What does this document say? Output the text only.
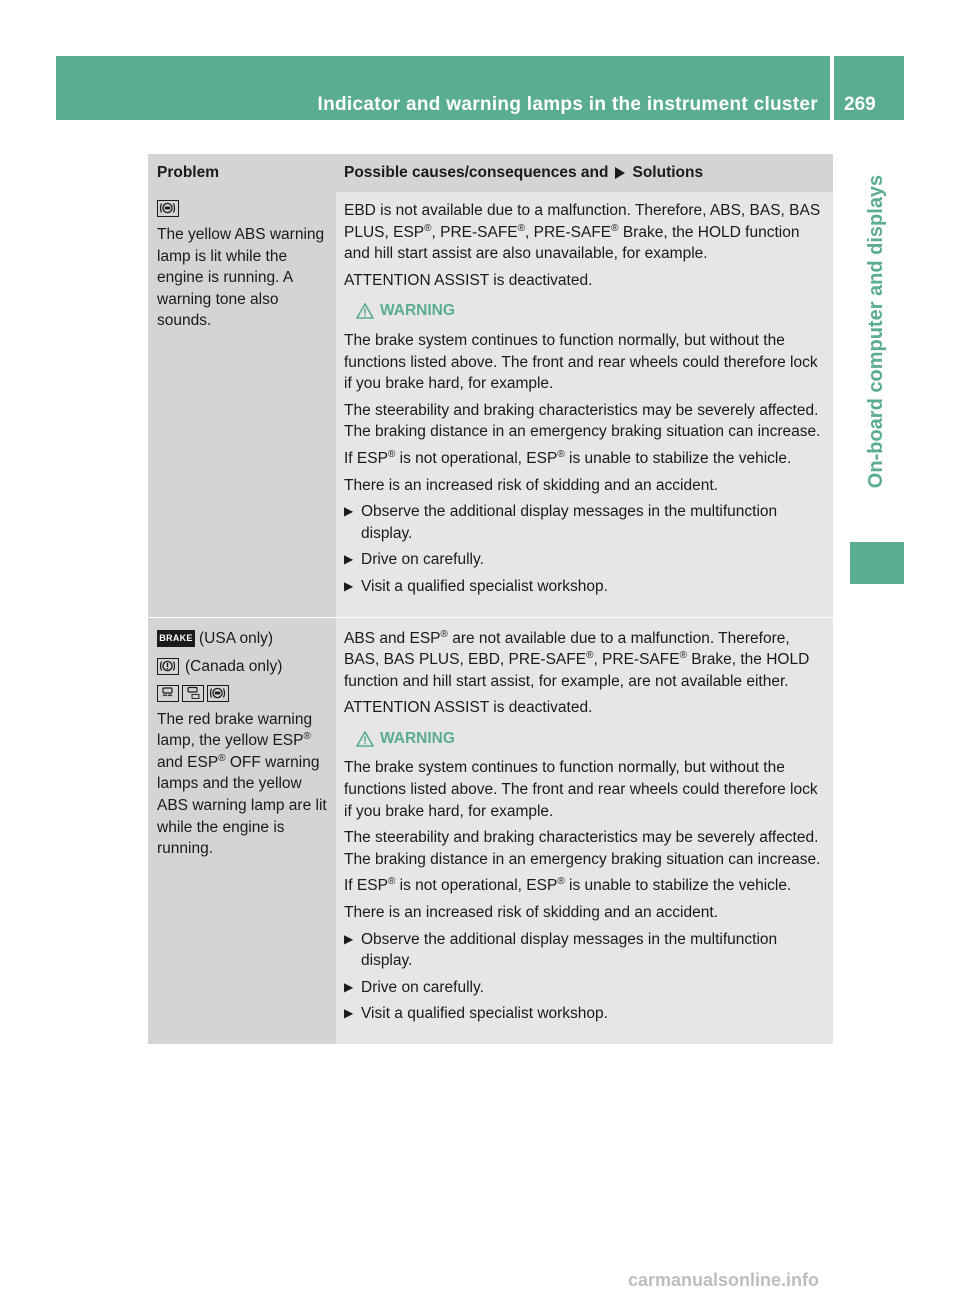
Indicator and warning lamps in the instrument cluster 269
On-board computer and displays
Problem	Possible causes/consequences and Solutions
The yellow ABS warning lamp is lit while the engine is running. A warning tone also sounds.

EBD is not available due to a malfunction. Therefore, ABS, BAS, BAS PLUS, ESP®, PRE-SAFE®, PRE-SAFE® Brake, the HOLD function and hill start assist are also unavailable, for example.

ATTENTION ASSIST is deactivated.

WARNING

The brake system continues to function normally, but without the functions listed above. The front and rear wheels could therefore lock if you brake hard, for example.

The steerability and braking characteristics may be severely affected. The braking distance in an emergency braking situation can increase.

If ESP® is not operational, ESP® is unable to stabilize the vehicle.

There is an increased risk of skidding and an accident.

▶ Observe the additional display messages in the multifunction display.
▶ Drive on carefully.
▶ Visit a qualified specialist workshop.
BRAKE (USA only)
(Canada only)
The red brake warning lamp, the yellow ESP® and ESP® OFF warning lamps and the yellow ABS warning lamp are lit while the engine is running.

ABS and ESP® are not available due to a malfunction. Therefore, BAS, BAS PLUS, EBD, PRE-SAFE®, PRE-SAFE® Brake, the HOLD function and hill start assist, for example, are not available either.

ATTENTION ASSIST is deactivated.

WARNING

The brake system continues to function normally, but without the functions listed above. The front and rear wheels could therefore lock if you brake hard, for example.

The steerability and braking characteristics may be severely affected. The braking distance in an emergency braking situation can increase.

If ESP® is not operational, ESP® is unable to stabilize the vehicle.

There is an increased risk of skidding and an accident.

▶ Observe the additional display messages in the multifunction display.
▶ Drive on carefully.
▶ Visit a qualified specialist workshop.
carmanualsonline.info
